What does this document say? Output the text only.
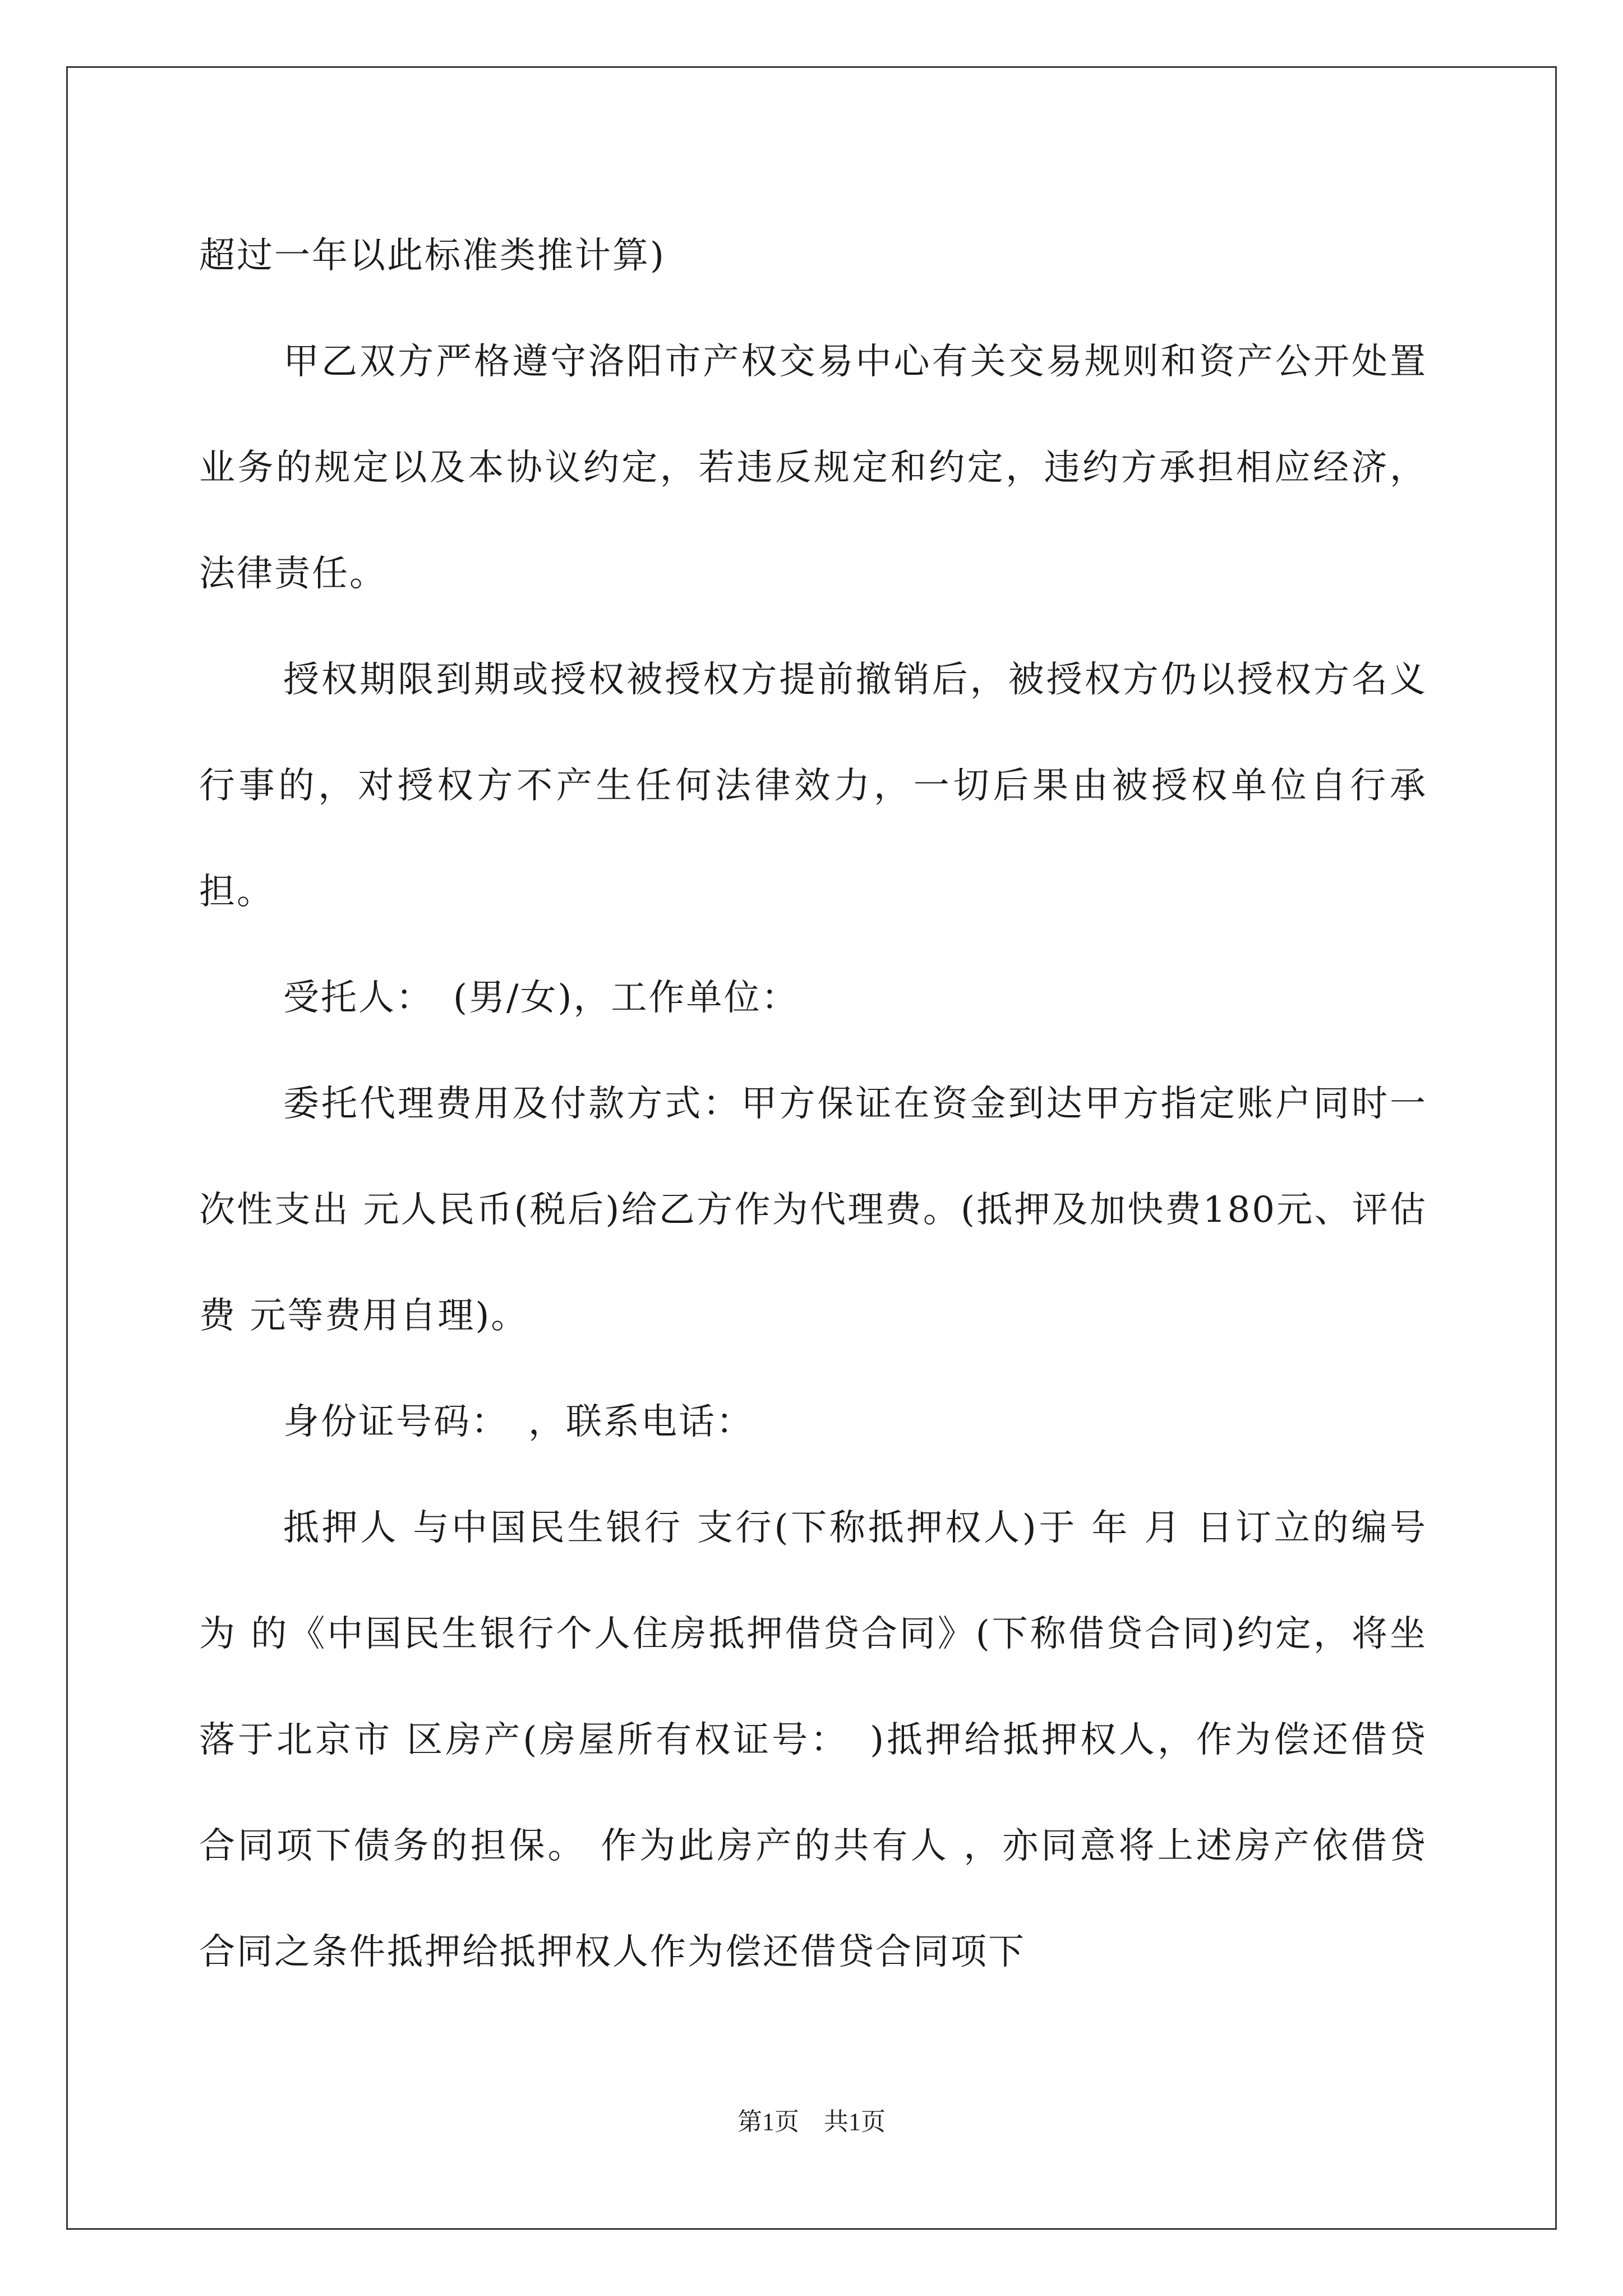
超过一年以此标准类推计算)

甲乙双方严格遵守洛阳市产权交易中心有关交易规则和资产公开处置业务的规定以及本协议约定，若违反规定和约定，违约方承担相应经济，法律责任。

授权期限到期或授权被授权方提前撤销后，被授权方仍以授权方名义行事的，对授权方不产生任何法律效力，一切后果由被授权单位自行承担。

受托人：　(男/女)，工作单位：

委托代理费用及付款方式：甲方保证在资金到达甲方指定账户同时一次性支出 元人民币(税后)给乙方作为代理费。(抵押及加快费180元、评估费 元等费用自理)。

身份证号码：　，联系电话：

抵押人 与中国民生银行 支行(下称抵押权人)于 年 月 日订立的编号为 的《中国民生银行个人住房抵押借贷合同》(下称借贷合同)约定，将坐落于北京市 区房产(房屋所有权证号：　)抵押给抵押权人，作为偿还借贷合同项下债务的担保。 作为此房产的共有人 ，亦同意将上述房产依借贷合同之条件抵押给抵押权人作为偿还借贷合同项下

第1页　共1页
